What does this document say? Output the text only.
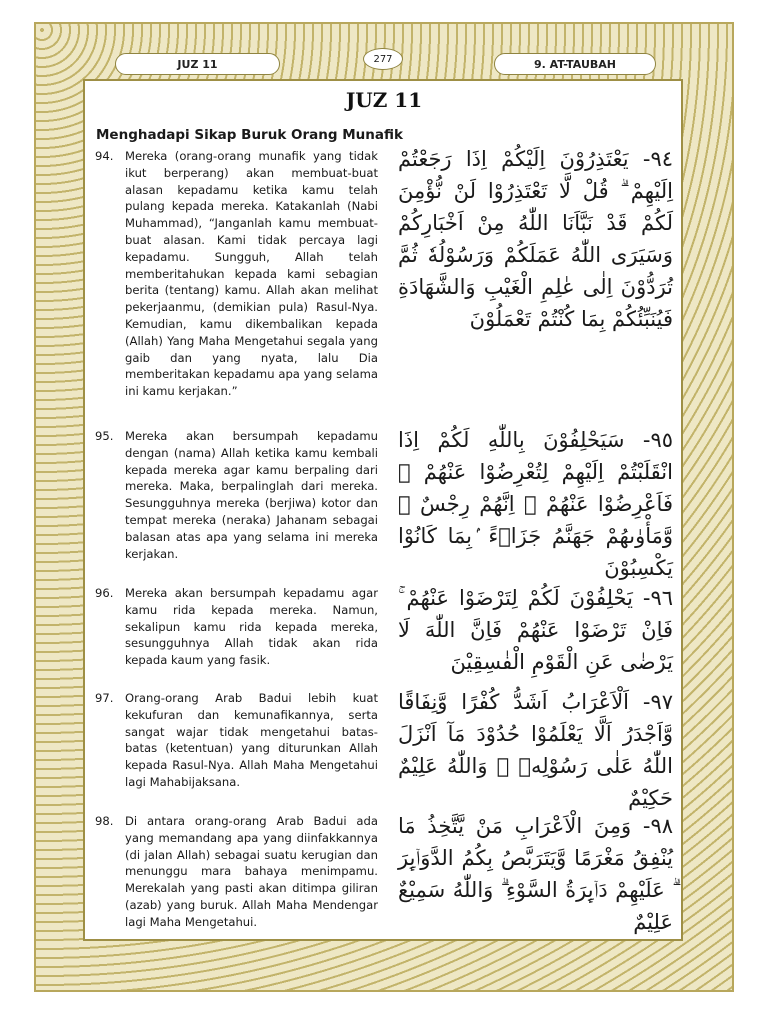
JUZ 11	277	9. AT-TAUBAH
JUZ 11
Menghadapi Sikap Buruk Orang Munafik
94. Mereka (orang-orang munafik yang tidak ikut berperang) akan membuat-buat alasan kepadamu ketika kamu telah pulang kepada mereka. Katakanlah (Nabi Muhammad), “Janganlah kamu membuat-buat alasan. Kami tidak percaya lagi kepadamu. Sungguh, Allah telah memberitahukan kepada kami sebagian berita (tentang) kamu. Allah akan melihat pekerjaanmu, (demikian pula) Rasul-Nya. Kemudian, kamu dikembalikan kepada (Allah) Yang Maha Mengetahui segala yang gaib dan yang nyata, lalu Dia memberitakan kepadamu apa yang selama ini kamu kerjakan.”
٩٤- يَعْتَذِرُوْنَ اِلَيْكُمْ اِذَا رَجَعْتُمْ اِلَيْهِمْ ۗ قُلْ لَّا تَعْتَذِرُوْا لَنْ نُّؤْمِنَ لَكُمْ قَدْ نَبَّاَنَا اللّٰهُ مِنْ اَخْبَارِكُمْ وَسَيَرَى اللّٰهُ عَمَلَكُمْ وَرَسُوْلُهٗ ثُمَّ تُرَدُّوْنَ اِلٰى عٰلِمِ الْغَيْبِ وَالشَّهَادَةِ فَيُنَبِّئُكُمْ بِمَا كُنْتُمْ تَعْمَلُوْنَ
95. Mereka akan bersumpah kepadamu dengan (nama) Allah ketika kamu kembali kepada mereka agar kamu berpaling dari mereka. Maka, berpalinglah dari mereka. Sesungguhnya mereka (berjiwa) kotor dan tempat mereka (neraka) Jahanam sebagai balasan atas apa yang selama ini mereka kerjakan.
٩٥- سَيَحْلِفُوْنَ بِاللّٰهِ لَكُمْ اِذَا انْقَلَبْتُمْ اِلَيْهِمْ لِتُعْرِضُوْا عَنْهُمْ ۗ فَاَعْرِضُوْا عَنْهُمْ ۗ اِنَّهُمْ رِجْسٌ ۖ وَّمَأْوٰىهُمْ جَهَنَّمُ جَزَاۤءً ۢبِمَا كَانُوْا يَكْسِبُوْنَ
96. Mereka akan bersumpah kepadamu agar kamu rida kepada mereka. Namun, sekalipun kamu rida kepada mereka, sesungguhnya Allah tidak akan rida kepada kaum yang fasik.
٩٦- يَحْلِفُوْنَ لَكُمْ لِتَرْضَوْا عَنْهُمْ ۚ فَاِنْ تَرْضَوْا عَنْهُمْ فَاِنَّ اللّٰهَ لَا يَرْضٰى عَنِ الْقَوْمِ الْفٰسِقِيْنَ
97. Orang-orang Arab Badui lebih kuat kekufuran dan kemunafikannya, serta sangat wajar tidak mengetahui batas-batas (ketentuan) yang diturunkan Allah kepada Rasul-Nya. Allah Maha Mengetahui lagi Mahabijaksana.
٩٧- اَلْاَعْرَابُ اَشَدُّ كُفْرًا وَّنِفَاقًا وَّاَجْدَرُ اَلَّا يَعْلَمُوْا حُدُوْدَ مَآ اَنْزَلَ اللّٰهُ عَلٰى رَسُوْلِهٖ ۗ وَاللّٰهُ عَلِيْمٌ حَكِيْمٌ
98. Di antara orang-orang Arab Badui ada yang memandang apa yang diinfakkannya (di jalan Allah) sebagai suatu kerugian dan menunggu mara bahaya menimpamu. Merekalah yang pasti akan ditimpa giliran (azab) yang buruk. Allah Maha Mendengar lagi Maha Mengetahui.
٩٨- وَمِنَ الْاَعْرَابِ مَنْ يَّتَّخِذُ مَا يُنْفِقُ مَغْرَمًا وَّيَتَرَبَّصُ بِكُمُ الدَّوَاۤىِٕرَ ۗ عَلَيْهِمْ دَاۤىِٕرَةُ السَّوْءِ ۗ وَاللّٰهُ سَمِيْعٌ عَلِيْمٌ
